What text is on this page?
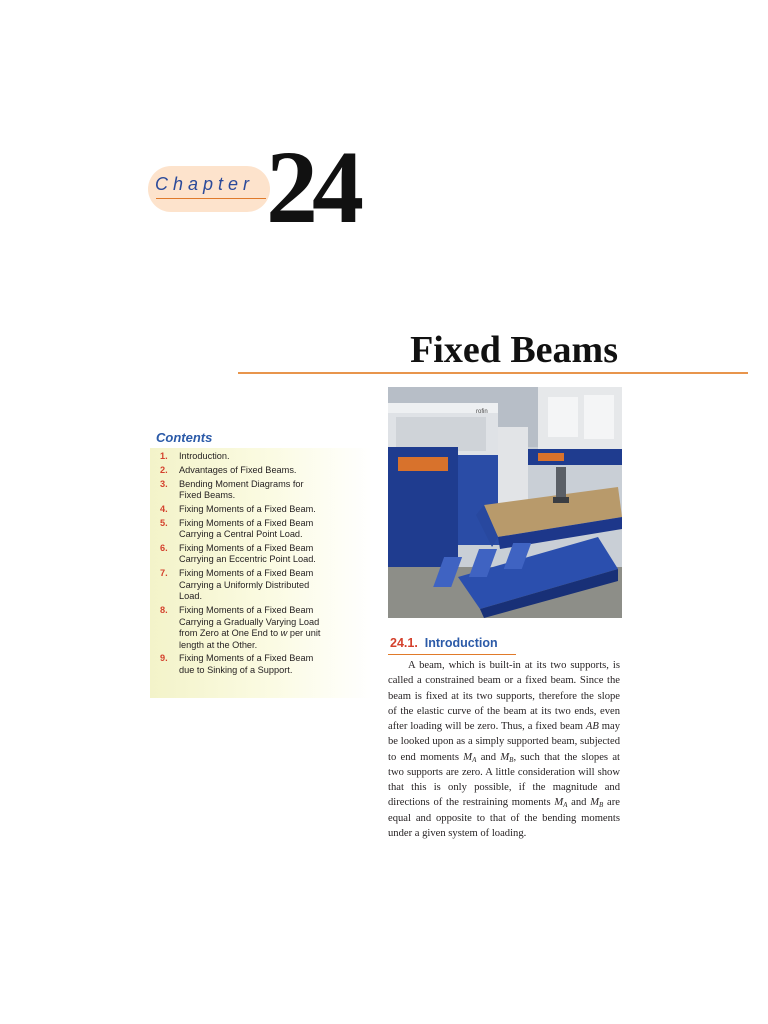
Chapter 24
Fixed Beams
Contents
1.	Introduction.
2.	Advantages of Fixed Beams.
3.	Bending Moment Diagrams for
Fixed Beams.
4.	Fixing Moments of a Fixed Beam.
5.	Fixing Moments of a Fixed Beam
Carrying a Central Point Load.
6.	Fixing Moments of a Fixed Beam
Carrying an Eccentric Point Load.
7.	Fixing Moments of a Fixed Beam
Carrying a Uniformly Distributed
Load.
8.	Fixing Moments of a Fixed Beam
Carrying a Gradually Varying Load
from Zero at One End to w per unit
length at the Other.
9.	Fixing Moments of a Fixed Beam
due to Sinking of a Support.
rofin
24.1. Introduction

A beam, which is built-in at its two supports, is called a constrained beam or a fixed beam. Since the beam is fixed at its two supports, therefore the slope of the elastic curve of the beam at its two ends, even after loading will be zero. Thus, a fixed beam AB may be looked upon as a simply supported beam, subjected to end moments $M_A$ and $M_B$, such that the slopes at two supports are zero. A little consideration will show that this is only possible, if the magnitude and directions of the restraining moments $M_A$ and $M_B$ are equal and opposite to that of the bending moments under a given system of loading.
